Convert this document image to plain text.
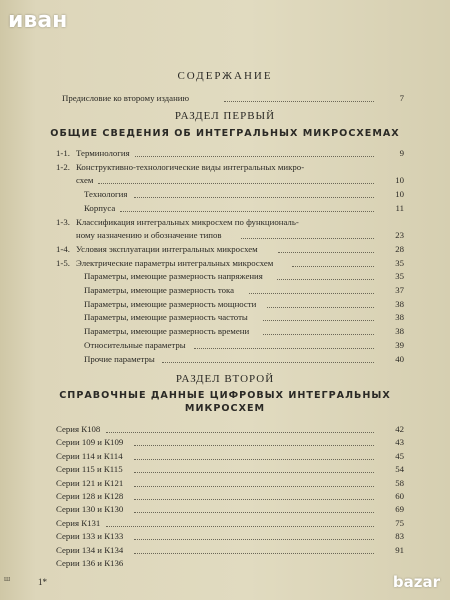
иван
СОДЕРЖАНИЕ
Предисловие ко второму изданию	7
РАЗДЕЛ ПЕРВЫЙ
ОБЩИЕ СВЕДЕНИЯ ОБ ИНТЕГРАЛЬНЫХ МИКРОСХЕМАХ
1-1. Терминология	9
1-2. Конструктивно-технологические виды интегральных микро-
схем	10
Технология	10
Корпуса	11
1-3. Классификация интегральных микросхем по функциональ-
ному назначению и обозначение типов	23
1-4. Условия эксплуатации интегральных микросхем	28
1-5. Электрические параметры интегральных микросхем	35
Параметры, имеющие размерность напряжения	35
Параметры, имеющие размерность тока	37
Параметры, имеющие размерность мощности	38
Параметры, имеющие размерность частоты	38
Параметры, имеющие размерность времени	38
Относительные параметры	39
Прочие параметры	40
РАЗДЕЛ ВТОРОЙ
СПРАВОЧНЫЕ ДАННЫЕ ЦИФРОВЫХ ИНТЕГРАЛЬНЫХ
МИКРОСХЕМ
Серия К108	42
Серии 109 и К109	43
Серии 114 и К114	45
Серии 115 и К115	54
Серии 121 и К121	58
Серии 128 и К128	60
Серии 130 и К130	69
Серия К131	75
Серии 133 и К133	83
Серии 134 и К134	91
Серии 136 и К136
ш	1*	bazar
